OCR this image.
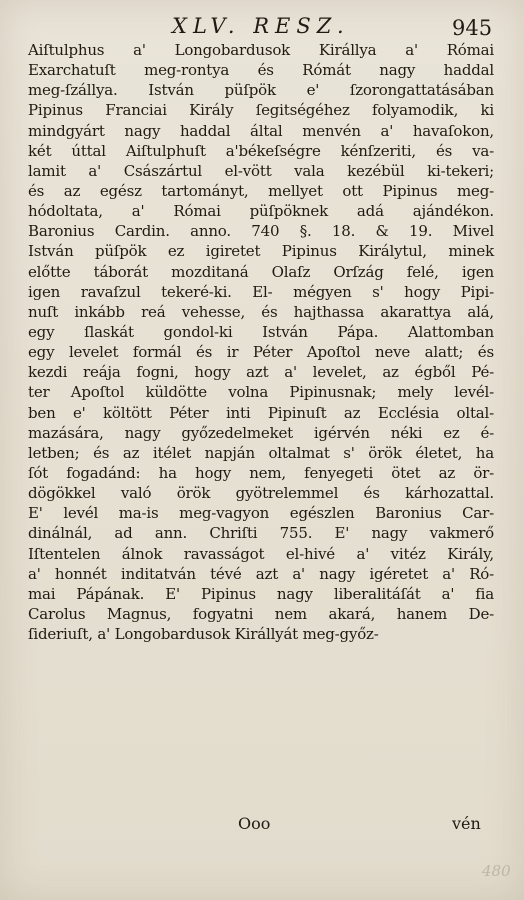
XLV. RESZ.	945
Aiſtulphus a' Longobardusok Királlya a' Római
Exarchatuſt meg-rontya és Rómát nagy haddal
meg-ſzállya. István püſpök e' ſzorongattatásában
Pipinus Franciai Király ſegitségéhez folyamodik, ki
mindgyárt nagy haddal által menvén a' havaſokon,
két úttal Aiſtulphuſt a'békeſségre kénſzeriti, és va-
lamit a' Császártul el-vött vala kezébül ki-tekeri;
és az egész tartományt, mellyet ott Pipinus meg-
hódoltata, a' Római püſpöknek adá ajándékon.
Baronius Cardin. anno. 740 §. 18. & 19. Mivel
István püſpök ez igiretet Pipinus Királytul, minek
előtte táborát mozditaná Olaſz Orſzág felé, igen
igen ravaſzul tekeré-ki. El- mégyen s' hogy Pipi-
nuſt inkább reá vehesse, és hajthassa akarattya alá,
egy ſlaskát gondol-ki István Pápa. Alattomban
egy levelet formál és ir Péter Apoſtol neve alatt; és
kezdi reája fogni, hogy azt a' levelet, az égből Pé-
ter Apoſtol küldötte volna Pipinusnak; mely levél-
ben e' költött Péter inti Pipinuſt az Ecclésia oltal-
mazására, nagy győzedelmeket igérvén néki ez é-
letben; és az itélet napján oltalmat s' örök életet, ha
ſót fogadánd: ha hogy nem, fenyegeti ötet az ör-
dögökkel való örök gyötrelemmel és kárhozattal.
E' levél ma-is meg-vagyon egészlen Baronius Car-
dinálnál, ad ann. Chriſti 755. E' nagy vakmerő
Iſtentelen álnok ravasságot el-hivé a' vitéz Király,
a' honnét inditatván tévé azt a' nagy igéretet a' Ró-
mai Pápának. E' Pipinus nagy liberalitáſát a' fia
Carolus Magnus, fogyatni nem akará, hanem De-
ſideriuſt, a' Longobardusok Királlyát meg-győz-
Ooo	vén
480
